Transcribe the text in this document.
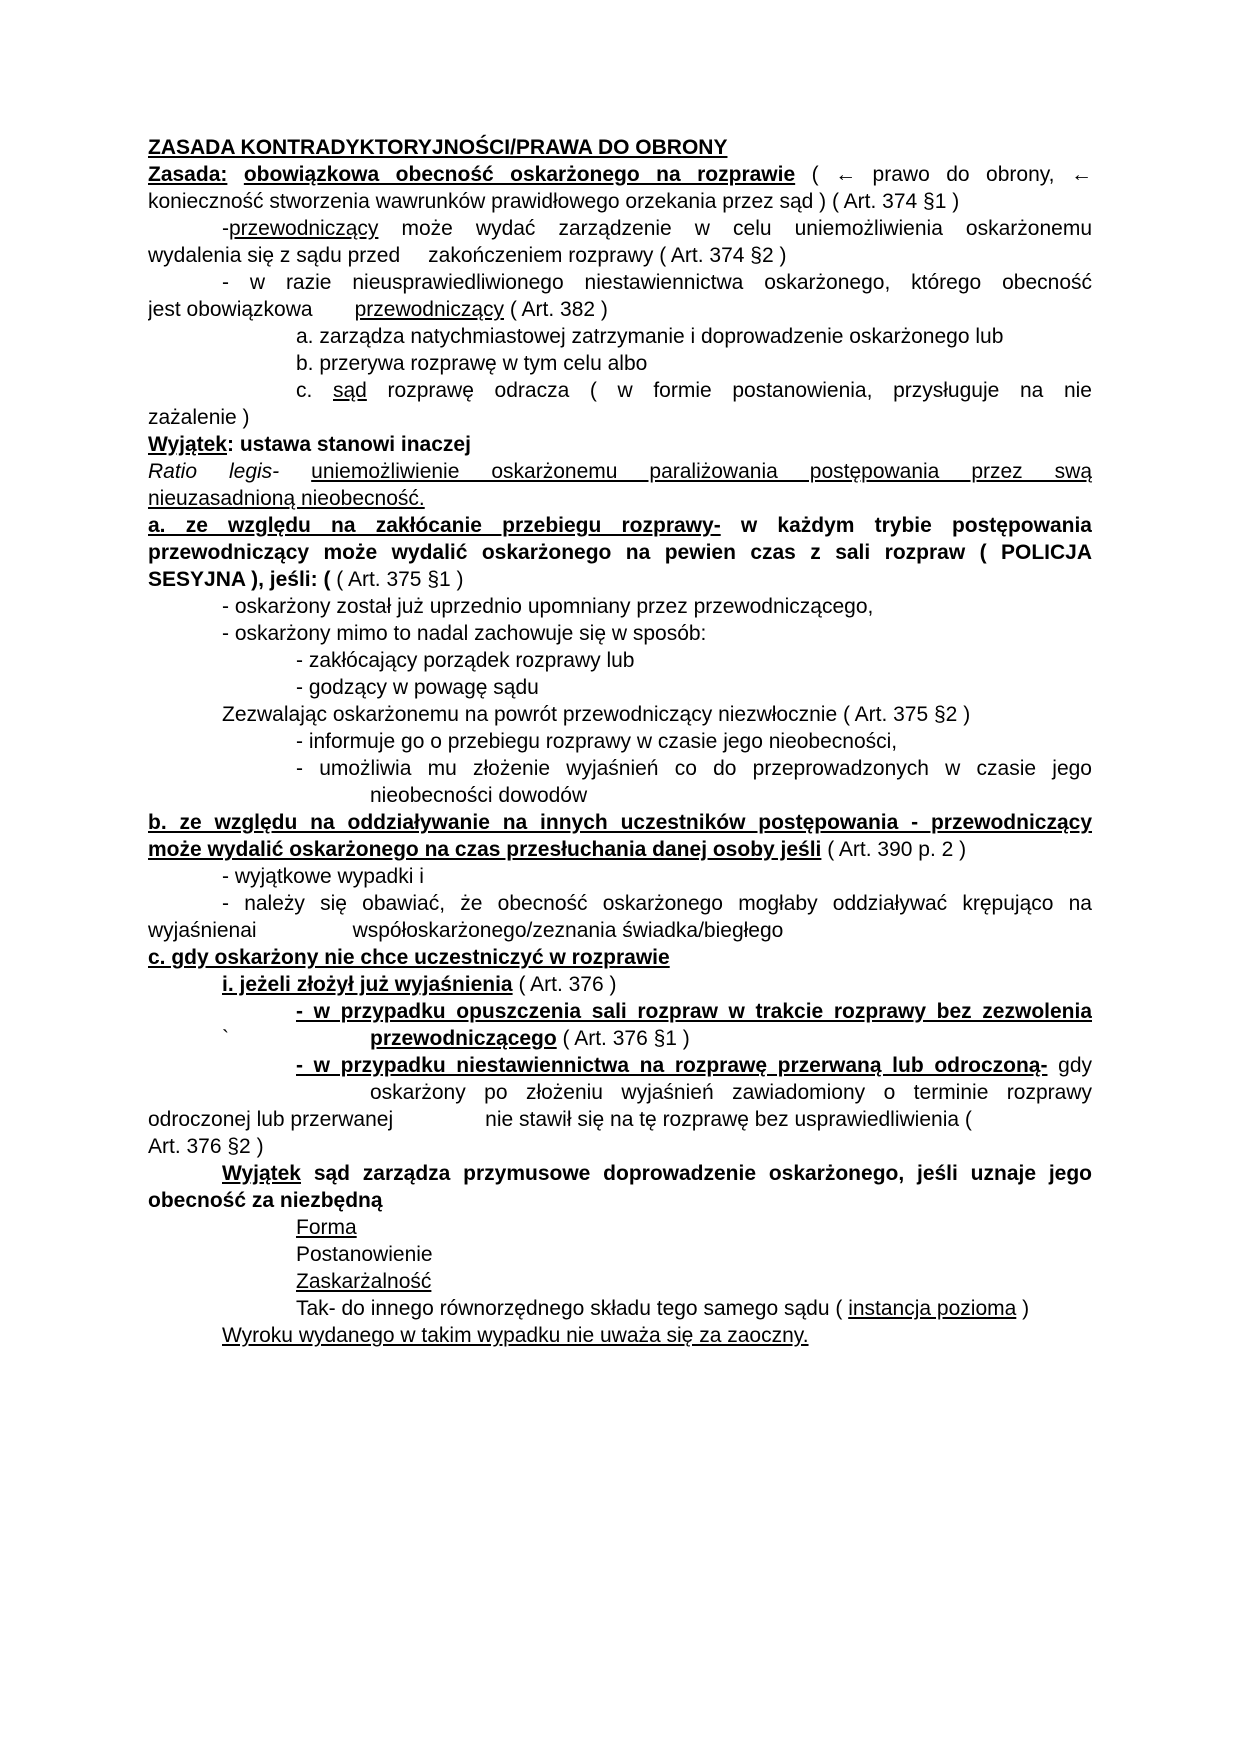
ZASADA KONTRADYKTORYJNOŚCI/PRAWA DO OBRONY
Zasada: obowiązkowa obecność oskarżonego na rozprawie ( ← prawo do obrony, ←
konieczność stworzenia wawrunków prawidłowego orzekania przez sąd ) ( Art. 374 §1 )
-przewodniczący może wydać zarządzenie w celu uniemożliwienia oskarżonemu
wydalenia się z sądu przed zakończeniem rozprawy ( Art. 374 §2 )
- w razie nieusprawiedliwionego niestawiennictwa oskarżonego, którego obecność
jest obowiązkowa przewodniczący ( Art. 382 )
a. zarządza natychmiastowej zatrzymanie i doprowadzenie oskarżonego lub
b. przerywa rozprawę w tym celu albo
c. sąd rozprawę odracza ( w formie postanowienia, przysługuje na nie
zażalenie )
Wyjątek: ustawa stanowi inaczej
Ratio legis- uniemożliwienie oskarżonemu paraliżowania postępowania przez swą
nieuzasadnioną nieobecność.
a. ze względu na zakłócanie przebiegu rozprawy- w każdym trybie postępowania
przewodniczący może wydalić oskarżonego na pewien czas z sali rozpraw ( POLICJA
SESYJNA ), jeśli: ( ( Art. 375 §1 )
- oskarżony został już uprzednio upomniany przez przewodniczącego,
- oskarżony mimo to nadal zachowuje się w sposób:
- zakłócający porządek rozprawy lub
- godzący w powagę sądu
Zezwalając oskarżonemu na powrót przewodniczący niezwłocznie ( Art. 375 §2 )
- informuje go o przebiegu rozprawy w czasie jego nieobecności,
- umożliwia mu złożenie wyjaśnień co do przeprowadzonych w czasie jego
nieobecności dowodów
b. ze względu na oddziaływanie na innych uczestników postępowania - przewodniczący
może wydalić oskarżonego na czas przesłuchania danej osoby jeśli ( Art. 390 p. 2 )
- wyjątkowe wypadki i
- należy się obawiać, że obecność oskarżonego mogłaby oddziaływać krępująco na
wyjaśnienai	współoskarżonego/zeznania świadka/biegłego
c. gdy oskarżony nie chce uczestniczyć w rozprawie
i. jeżeli złożył już wyjaśnienia ( Art. 376 )
- w przypadku opuszczenia sali rozpraw w trakcie rozprawy bez zezwolenia
`	przewodniczącego ( Art. 376 §1 )
- w przypadku niestawiennictwa na rozprawę przerwaną lub odroczoną- gdy
oskarżony po złożeniu wyjaśnień zawiadomiony o terminie rozprawy
odroczonej lub przerwanej	nie stawił się na tę rozprawę bez usprawiedliwienia (
Art. 376 §2 )
Wyjątek sąd zarządza przymusowe doprowadzenie oskarżonego, jeśli uznaje jego
obecność za niezbędną
Forma
Postanowienie
Zaskarżalność
Tak- do innego równorzędnego składu tego samego sądu ( instancja pozioma )
Wyroku wydanego w takim wypadku nie uważa się za zaoczny.
